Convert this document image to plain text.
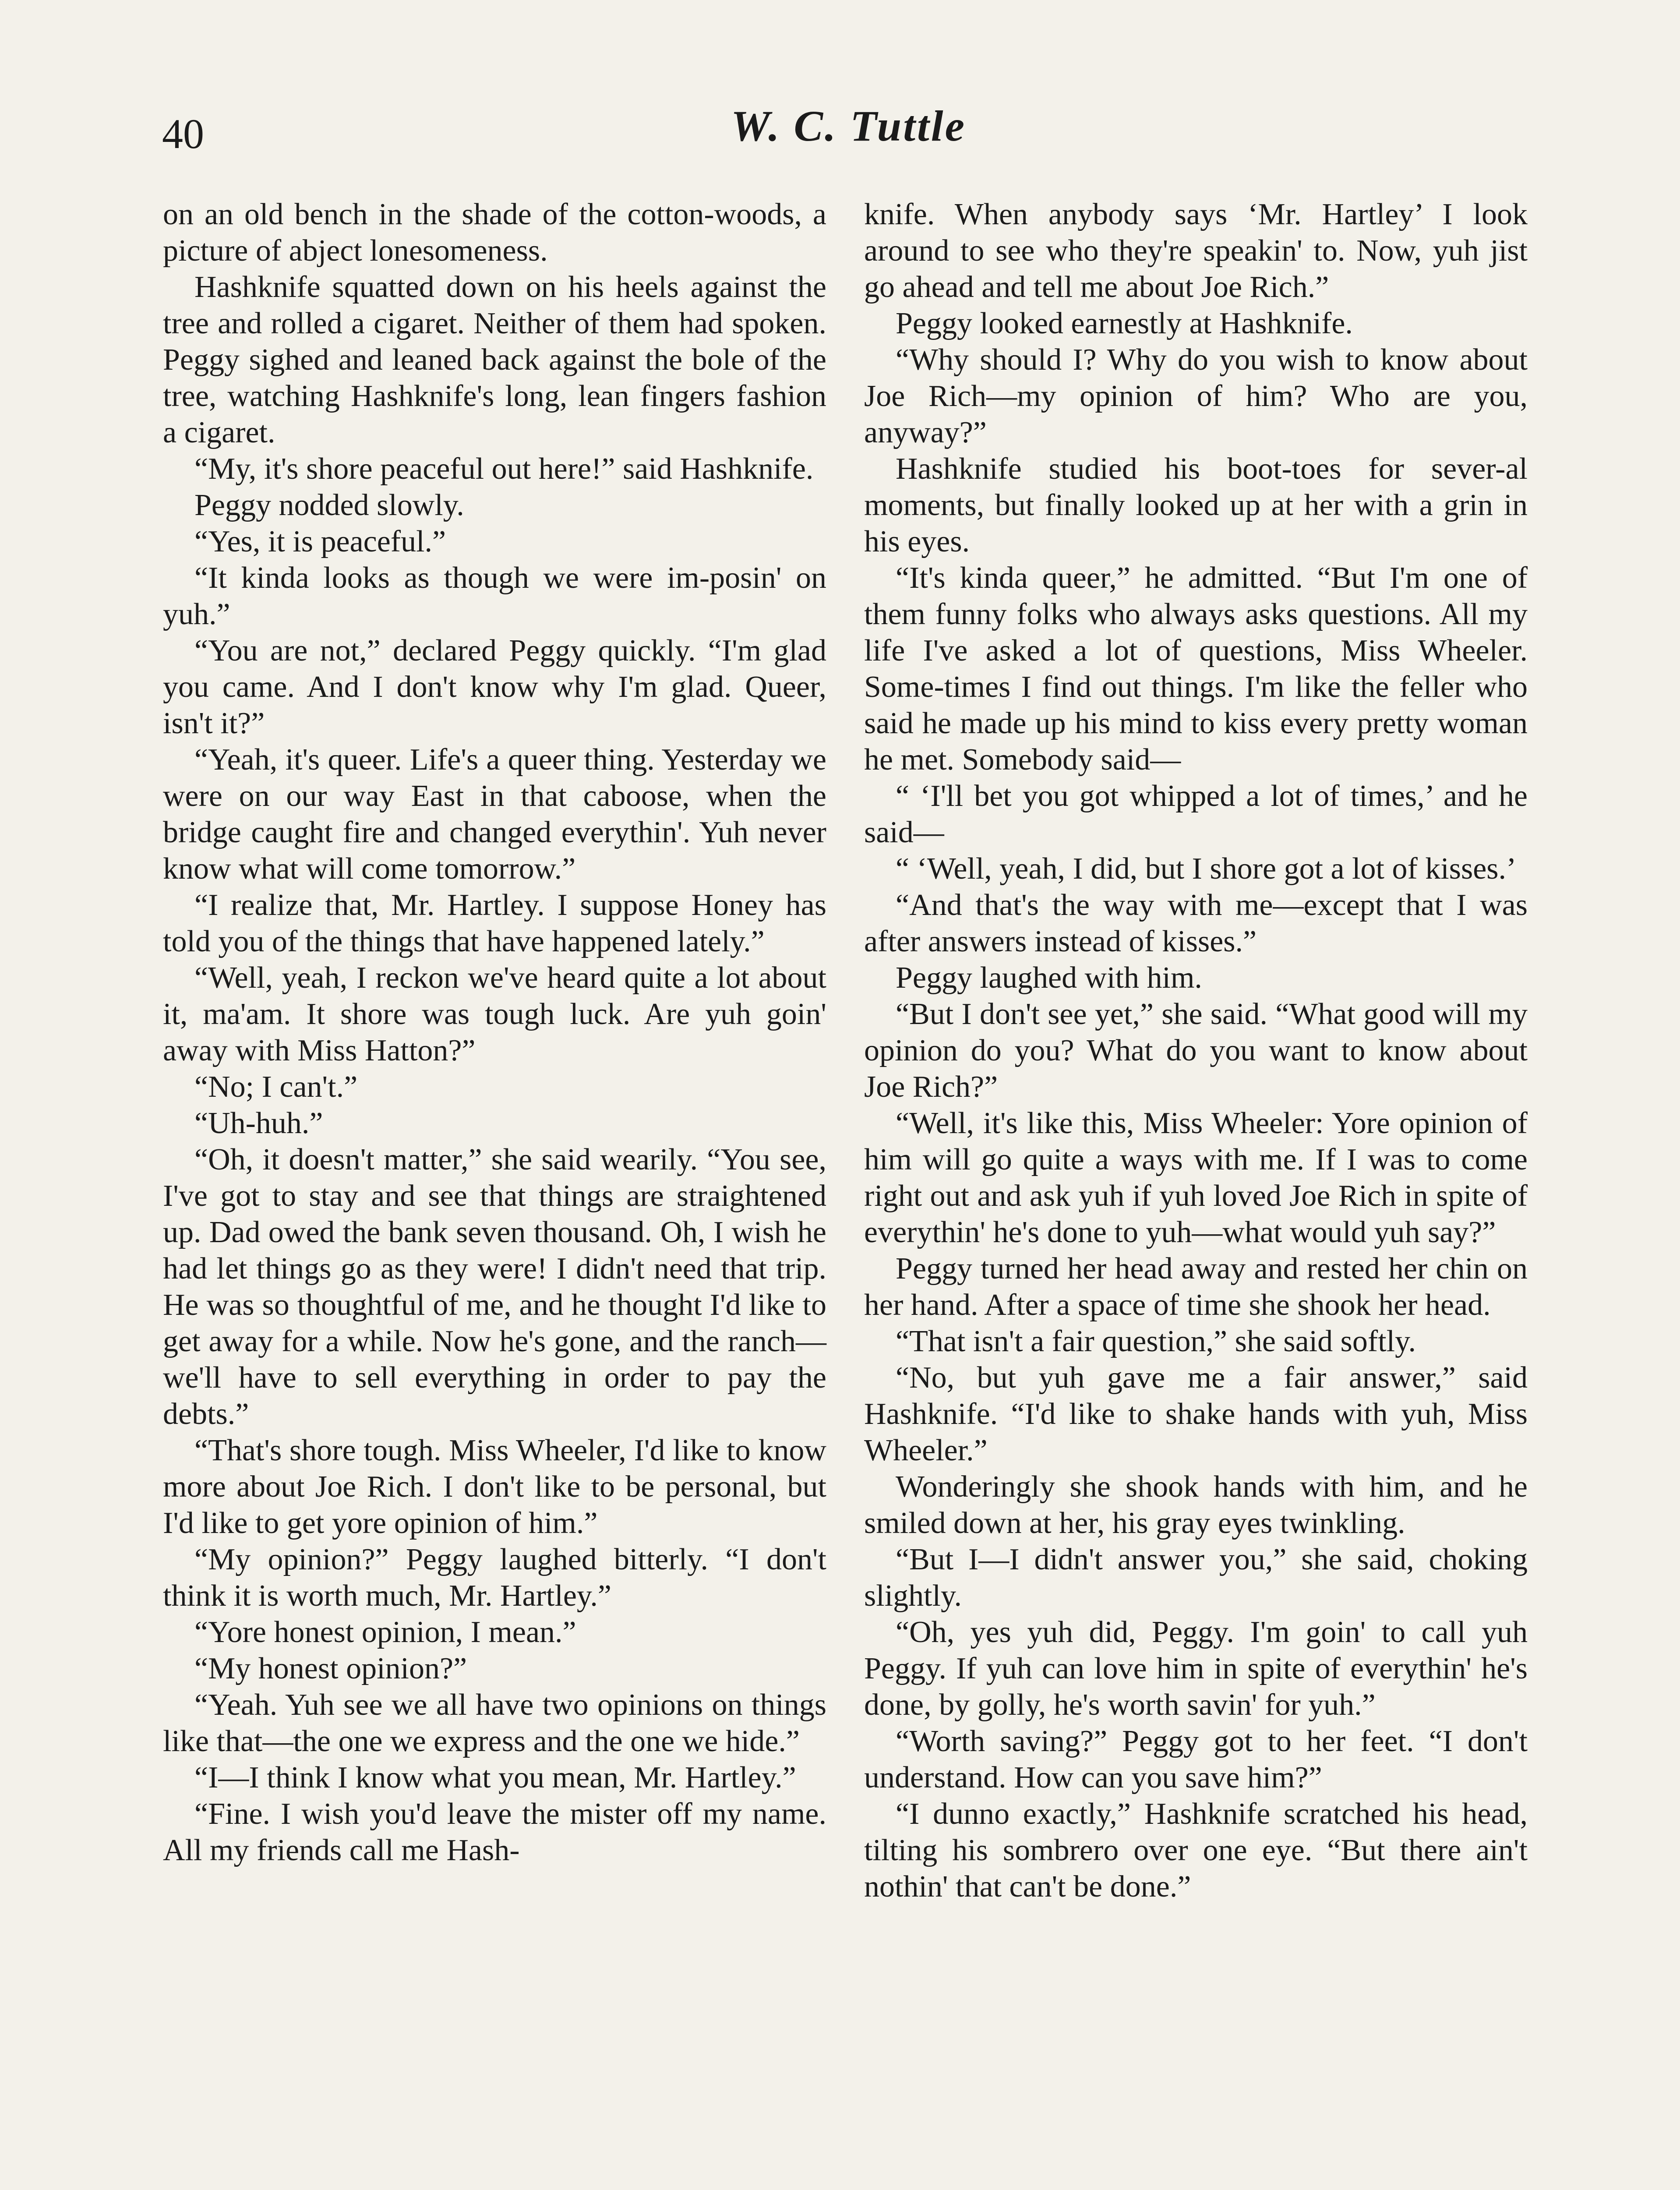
40	W. C. Tuttle

on an old bench in the shade of the cotton-woods, a picture of abject lonesomeness.

Hashknife squatted down on his heels against the tree and rolled a cigaret. Neither of them had spoken. Peggy sighed and leaned back against the bole of the tree, watching Hashknife's long, lean fingers fashion a cigaret.

“My, it's shore peaceful out here!” said Hashknife.

Peggy nodded slowly.

“Yes, it is peaceful.”

“It kinda looks as though we were im-posin' on yuh.”

“You are not,” declared Peggy quickly. “I'm glad you came. And I don't know why I'm glad. Queer, isn't it?”

“Yeah, it's queer. Life's a queer thing. Yesterday we were on our way East in that caboose, when the bridge caught fire and changed everythin'. Yuh never know what will come tomorrow.”

“I realize that, Mr. Hartley. I suppose Honey has told you of the things that have happened lately.”

“Well, yeah, I reckon we've heard quite a lot about it, ma'am. It shore was tough luck. Are yuh goin' away with Miss Hatton?”

“No; I can't.”

“Uh-huh.”

“Oh, it doesn't matter,” she said wearily. “You see, I've got to stay and see that things are straightened up. Dad owed the bank seven thousand. Oh, I wish he had let things go as they were! I didn't need that trip. He was so thoughtful of me, and he thought I'd like to get away for a while. Now he's gone, and the ranch—we'll have to sell everything in order to pay the debts.”

“That's shore tough. Miss Wheeler, I'd like to know more about Joe Rich. I don't like to be personal, but I'd like to get yore opinion of him.”

“My opinion?” Peggy laughed bitterly. “I don't think it is worth much, Mr. Hartley.”

“Yore honest opinion, I mean.”

“My honest opinion?”

“Yeah. Yuh see we all have two opinions on things like that—the one we express and the one we hide.”

“I—I think I know what you mean, Mr. Hartley.”

“Fine. I wish you'd leave the mister off my name. All my friends call me Hash-

knife. When anybody says ‘Mr. Hartley’ I look around to see who they're speakin' to. Now, yuh jist go ahead and tell me about Joe Rich.”

Peggy looked earnestly at Hashknife.

“Why should I? Why do you wish to know about Joe Rich—my opinion of him? Who are you, anyway?”

Hashknife studied his boot-toes for sever-al moments, but finally looked up at her with a grin in his eyes.

“It's kinda queer,” he admitted. “But I'm one of them funny folks who always asks questions. All my life I've asked a lot of questions, Miss Wheeler. Some-times I find out things. I'm like the feller who said he made up his mind to kiss every pretty woman he met. Somebody said—

“ ‘I'll bet you got whipped a lot of times,’ and he said—

“ ‘Well, yeah, I did, but I shore got a lot of kisses.’

“And that's the way with me—except that I was after answers instead of kisses.”

Peggy laughed with him.

“But I don't see yet,” she said. “What good will my opinion do you? What do you want to know about Joe Rich?”

“Well, it's like this, Miss Wheeler: Yore opinion of him will go quite a ways with me. If I was to come right out and ask yuh if yuh loved Joe Rich in spite of everythin' he's done to yuh—what would yuh say?”

Peggy turned her head away and rested her chin on her hand. After a space of time she shook her head.

“That isn't a fair question,” she said softly.

“No, but yuh gave me a fair answer,” said Hashknife. “I'd like to shake hands with yuh, Miss Wheeler.”

Wonderingly she shook hands with him, and he smiled down at her, his gray eyes twinkling.

“But I—I didn't answer you,” she said, choking slightly.

“Oh, yes yuh did, Peggy. I'm goin' to call yuh Peggy. If yuh can love him in spite of everythin' he's done, by golly, he's worth savin' for yuh.”

“Worth saving?” Peggy got to her feet. “I don't understand. How can you save him?”

“I dunno exactly,” Hashknife scratched his head, tilting his sombrero over one eye. “But there ain't nothin' that can't be done.”
